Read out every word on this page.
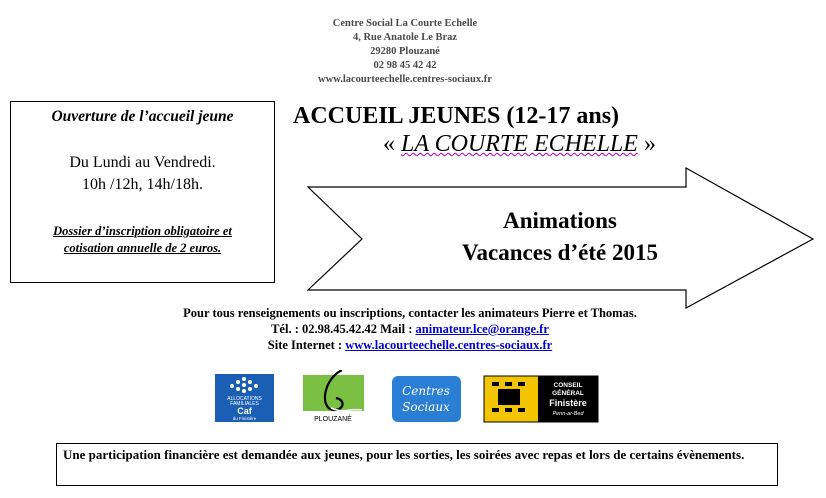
Centre Social La Courte Echelle
4, Rue Anatole Le Braz
29280 Plouzané
02 98 45 42 42
www.lacourteechelle.centres-sociaux.fr
Ouverture de l’accueil jeune
Du Lundi au Vendredi.
10h /12h, 14h/18h.
Dossier d’inscription obligatoire et
cotisation annuelle de 2 euros.
ACCUEIL JEUNES (12-17 ans)
« LA COURTE ECHELLE »
Animations
Vacances d’été 2015
Pour tous renseignements ou inscriptions, contacter les animateurs Pierre et Thomas.
Tél. : 02.98.45.42.42 Mail : animateur.lce@orange.fr
Site Internet : www.lacourteechelle.centres-sociaux.fr
ALLOCATIONS
FAMILIALES
Caf
du Finistère	PLOUZANÉ
Centres
Sociaux
CONSEIL
GÉNÉRAL
Finistère
Penn-ar-Bed
Une participation financière est demandée aux jeunes, pour les sorties, les soirées avec repas et lors de certains évènements.
